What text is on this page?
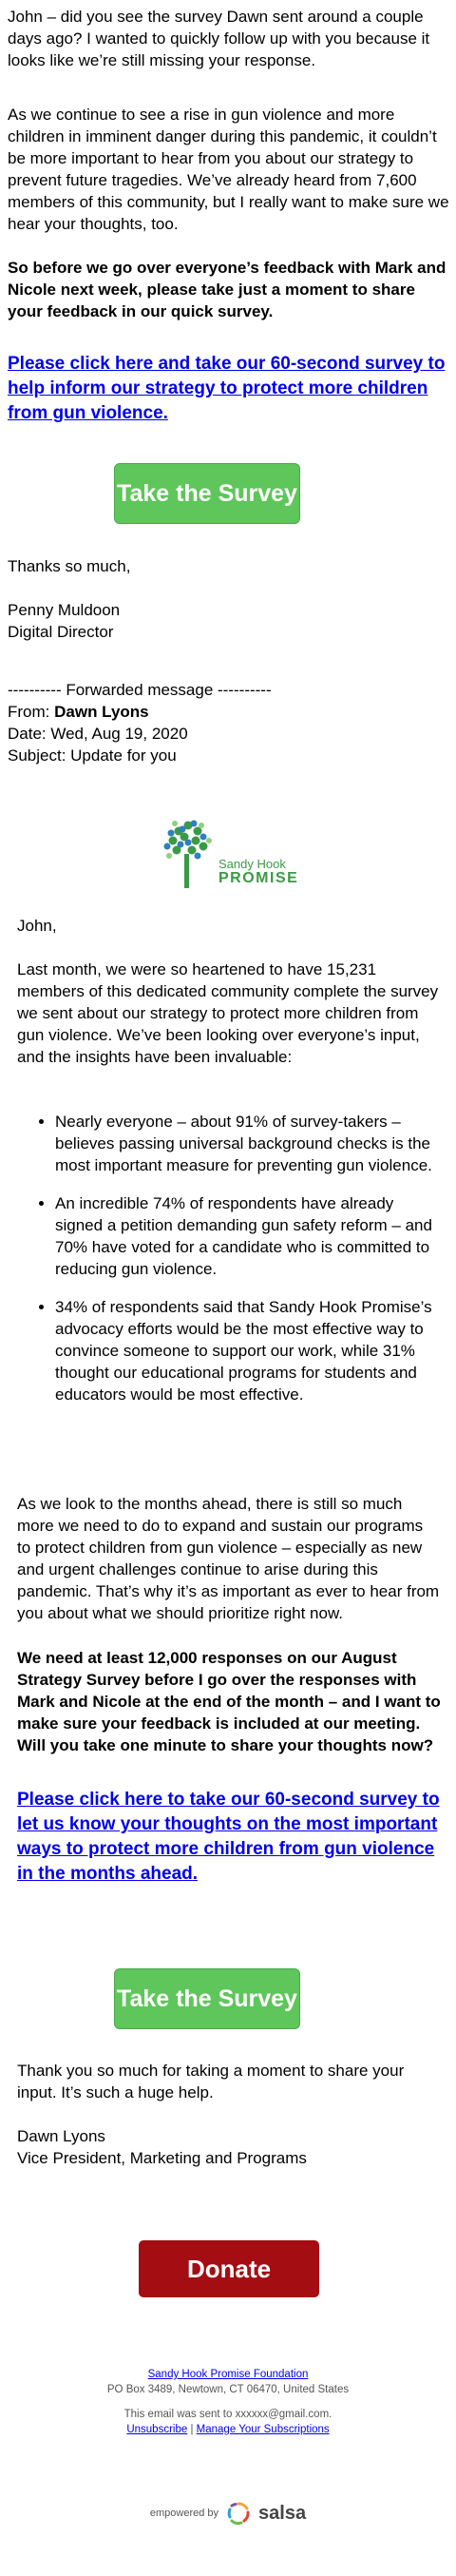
John – did you see the survey Dawn sent around a couple days ago? I wanted to quickly follow up with you because it looks like we’re still missing your response.

As we continue to see a rise in gun violence and more children in imminent danger during this pandemic, it couldn’t be more important to hear from you about our strategy to prevent future tragedies. We’ve already heard from 7,600 members of this community, but I really want to make sure we hear your thoughts, too.

So before we go over everyone’s feedback with Mark and Nicole next week, please take just a moment to share your feedback in our quick survey.

Please click here and take our 60-second survey to help inform our strategy to protect more children from gun violence.
Take the Survey

Thanks so much,

Penny Muldoon

Digital Director

---------- Forwarded message ----------

From: Dawn Lyons

Date: Wed, Aug 19, 2020

Subject: Update for you

Sandy Hook
PROMISE

John,

Last month, we were so heartened to have 15,231 members of this dedicated community complete the survey we sent about our strategy to protect more children from gun violence. We’ve been looking over everyone’s input, and the insights have been invaluable:

• Nearly everyone – about 91% of survey-takers – believes passing universal background checks is the most important measure for preventing gun violence.
• An incredible 74% of respondents have already signed a petition demanding gun safety reform – and 70% have voted for a candidate who is committed to reducing gun violence.
• 34% of respondents said that Sandy Hook Promise’s advocacy efforts would be the most effective way to convince someone to support our work, while 31% thought our educational programs for students and educators would be most effective.

As we look to the months ahead, there is still so much more we need to do to expand and sustain our programs to protect children from gun violence – especially as new and urgent challenges continue to arise during this pandemic. That’s why it’s as important as ever to hear from you about what we should prioritize right now.

We need at least 12,000 responses on our August Strategy Survey before I go over the responses with Mark and Nicole at the end of the month – and I want to make sure your feedback is included at our meeting. Will you take one minute to share your thoughts now?

Please click here to take our 60-second survey to let us know your thoughts on the most important ways to protect more children from gun violence in the months ahead.
Take the Survey

Thank you so much for taking a moment to share your input. It’s such a huge help.

Dawn Lyons

Vice President, Marketing and Programs

Donate
Sandy Hook Promise Foundation
PO Box 3489, Newtown, CT 06470, United States
This email was sent to xxxxxx@gmail.com.
Unsubscribe | Manage Your Subscriptions
empowered by salsa
